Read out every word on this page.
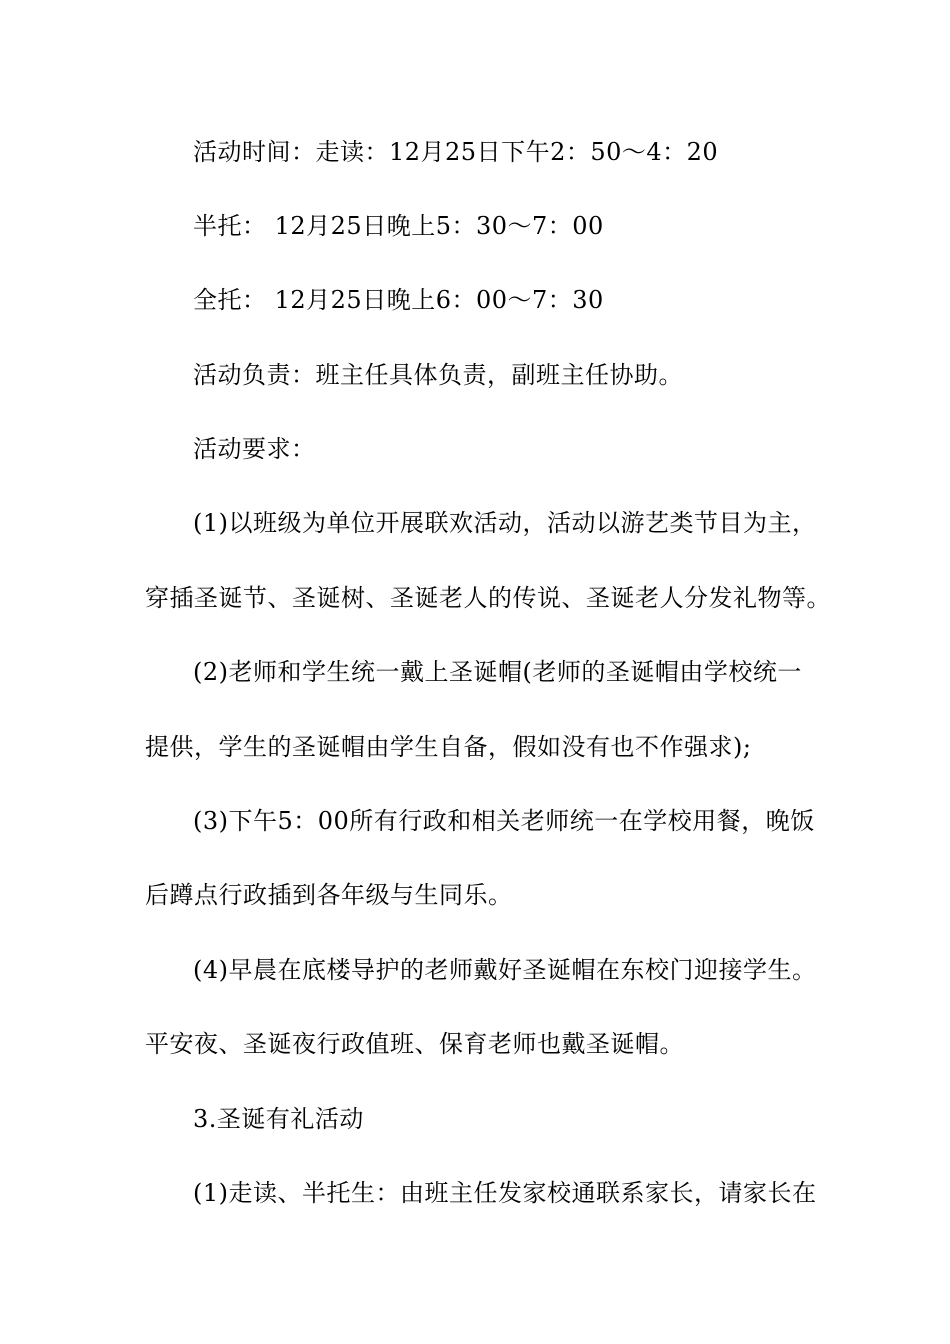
活动时间：走读：12月25日下午2：50～4：20
半托： 12月25日晚上5：30～7：00
全托： 12月25日晚上6：00～7：30
活动负责：班主任具体负责，副班主任协助。
活动要求：
(1)以班级为单位开展联欢活动，活动以游艺类节目为主，
穿插圣诞节、圣诞树、圣诞老人的传说、圣诞老人分发礼物等。
(2)老师和学生统一戴上圣诞帽(老师的圣诞帽由学校统一
提供，学生的圣诞帽由学生自备，假如没有也不作强求);
(3)下午5：00所有行政和相关老师统一在学校用餐，晚饭
后蹲点行政插到各年级与生同乐。
(4)早晨在底楼导护的老师戴好圣诞帽在东校门迎接学生。
平安夜、圣诞夜行政值班、保育老师也戴圣诞帽。
3.圣诞有礼活动
(1)走读、半托生：由班主任发家校通联系家长，请家长在
